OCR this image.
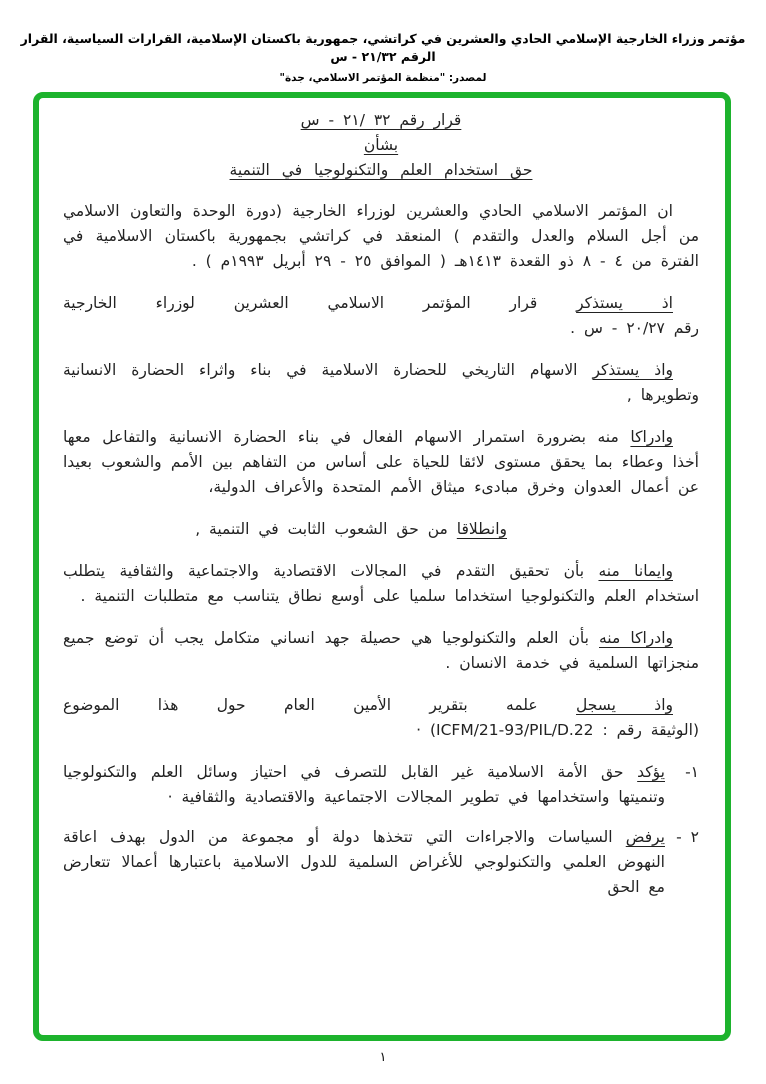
مؤتمر وزراء الخارجية الإسلامي الحادي والعشرين في كراتشي، جمهورية باكستان الإسلامية، القرارات السياسية، القرار الرقم ٢١/٣٢ - س
لمصدر: "منظمة المؤتمر الاسلامي، جدة"
قرار رقم ٣٢ /٢١ - س
بشأن
حق استخدام العلم والتكنولوجيا في التنمية
ان المؤتمر الاسلامي الحادي والعشرين لوزراء الخارجية (دورة الوحدة والتعاون الاسلامي من أجل السلام والعدل والتقدم ) المنعقد في كراتشي بجمهورية باكستان الاسلامية في الفترة من ٤ - ٨ ذو القعدة ١٤١٣هـ ( الموافق ٢٥ - ٢٩ أبريل ١٩٩٣م ) .
اذ يستذكر قرار المؤتمر الاسلامي العشرين لوزراء الخارجية
رقم ٢٠/٢٧ - س .
واذ يستذكر الاسهام التاريخي للحضارة الاسلامية في بناء واثراء الحضارة الانسانية وتطويرها ,
وادراكا منه بضرورة استمرار الاسهام الفعال في بناء الحضارة الانسانية والتفاعل معها أخذا وعطاء بما يحقق مستوى لائقا للحياة على أساس من التفاهم بين الأمم والشعوب بعيدا عن أعمال العدوان وخرق مبادىء ميثاق الأمم المتحدة والأعراف الدولية،
وانطلاقا من حق الشعوب الثابت في التنمية ,
وايمانا منه بأن تحقيق التقدم في المجالات الاقتصادية والاجتماعية والثقافية يتطلب استخدام العلم والتكنولوجيا استخداما سلميا على أوسع نطاق يتناسب مع متطلبات التنمية .
وادراكا منه بأن العلم والتكنولوجيا هي حصيلة جهد انساني متكامل يجب أن توضع جميع منجزاتها السلمية في خدمة الانسان .
واذ يسجل علمه بتقرير الأمين العام حول هذا الموضوع
(الوثيقة رقم : ICFM/21-93/PIL/D.22) ·
١-
يؤكد حق الأمة الاسلامية غير القابل للتصرف في احتياز وسائل العلم والتكنولوجيا وتنميتها واستخدامها في تطوير المجالات الاجتماعية والاقتصادية والثقافية ·
٢ -
يرفض السياسات والاجراءات التي تتخذها دولة أو مجموعة من الدول بهدف اعاقة النهوض العلمي والتكنولوجي للأغراض السلمية للدول الاسلامية باعتبارها أعمالا تتعارض مع الحق
١
